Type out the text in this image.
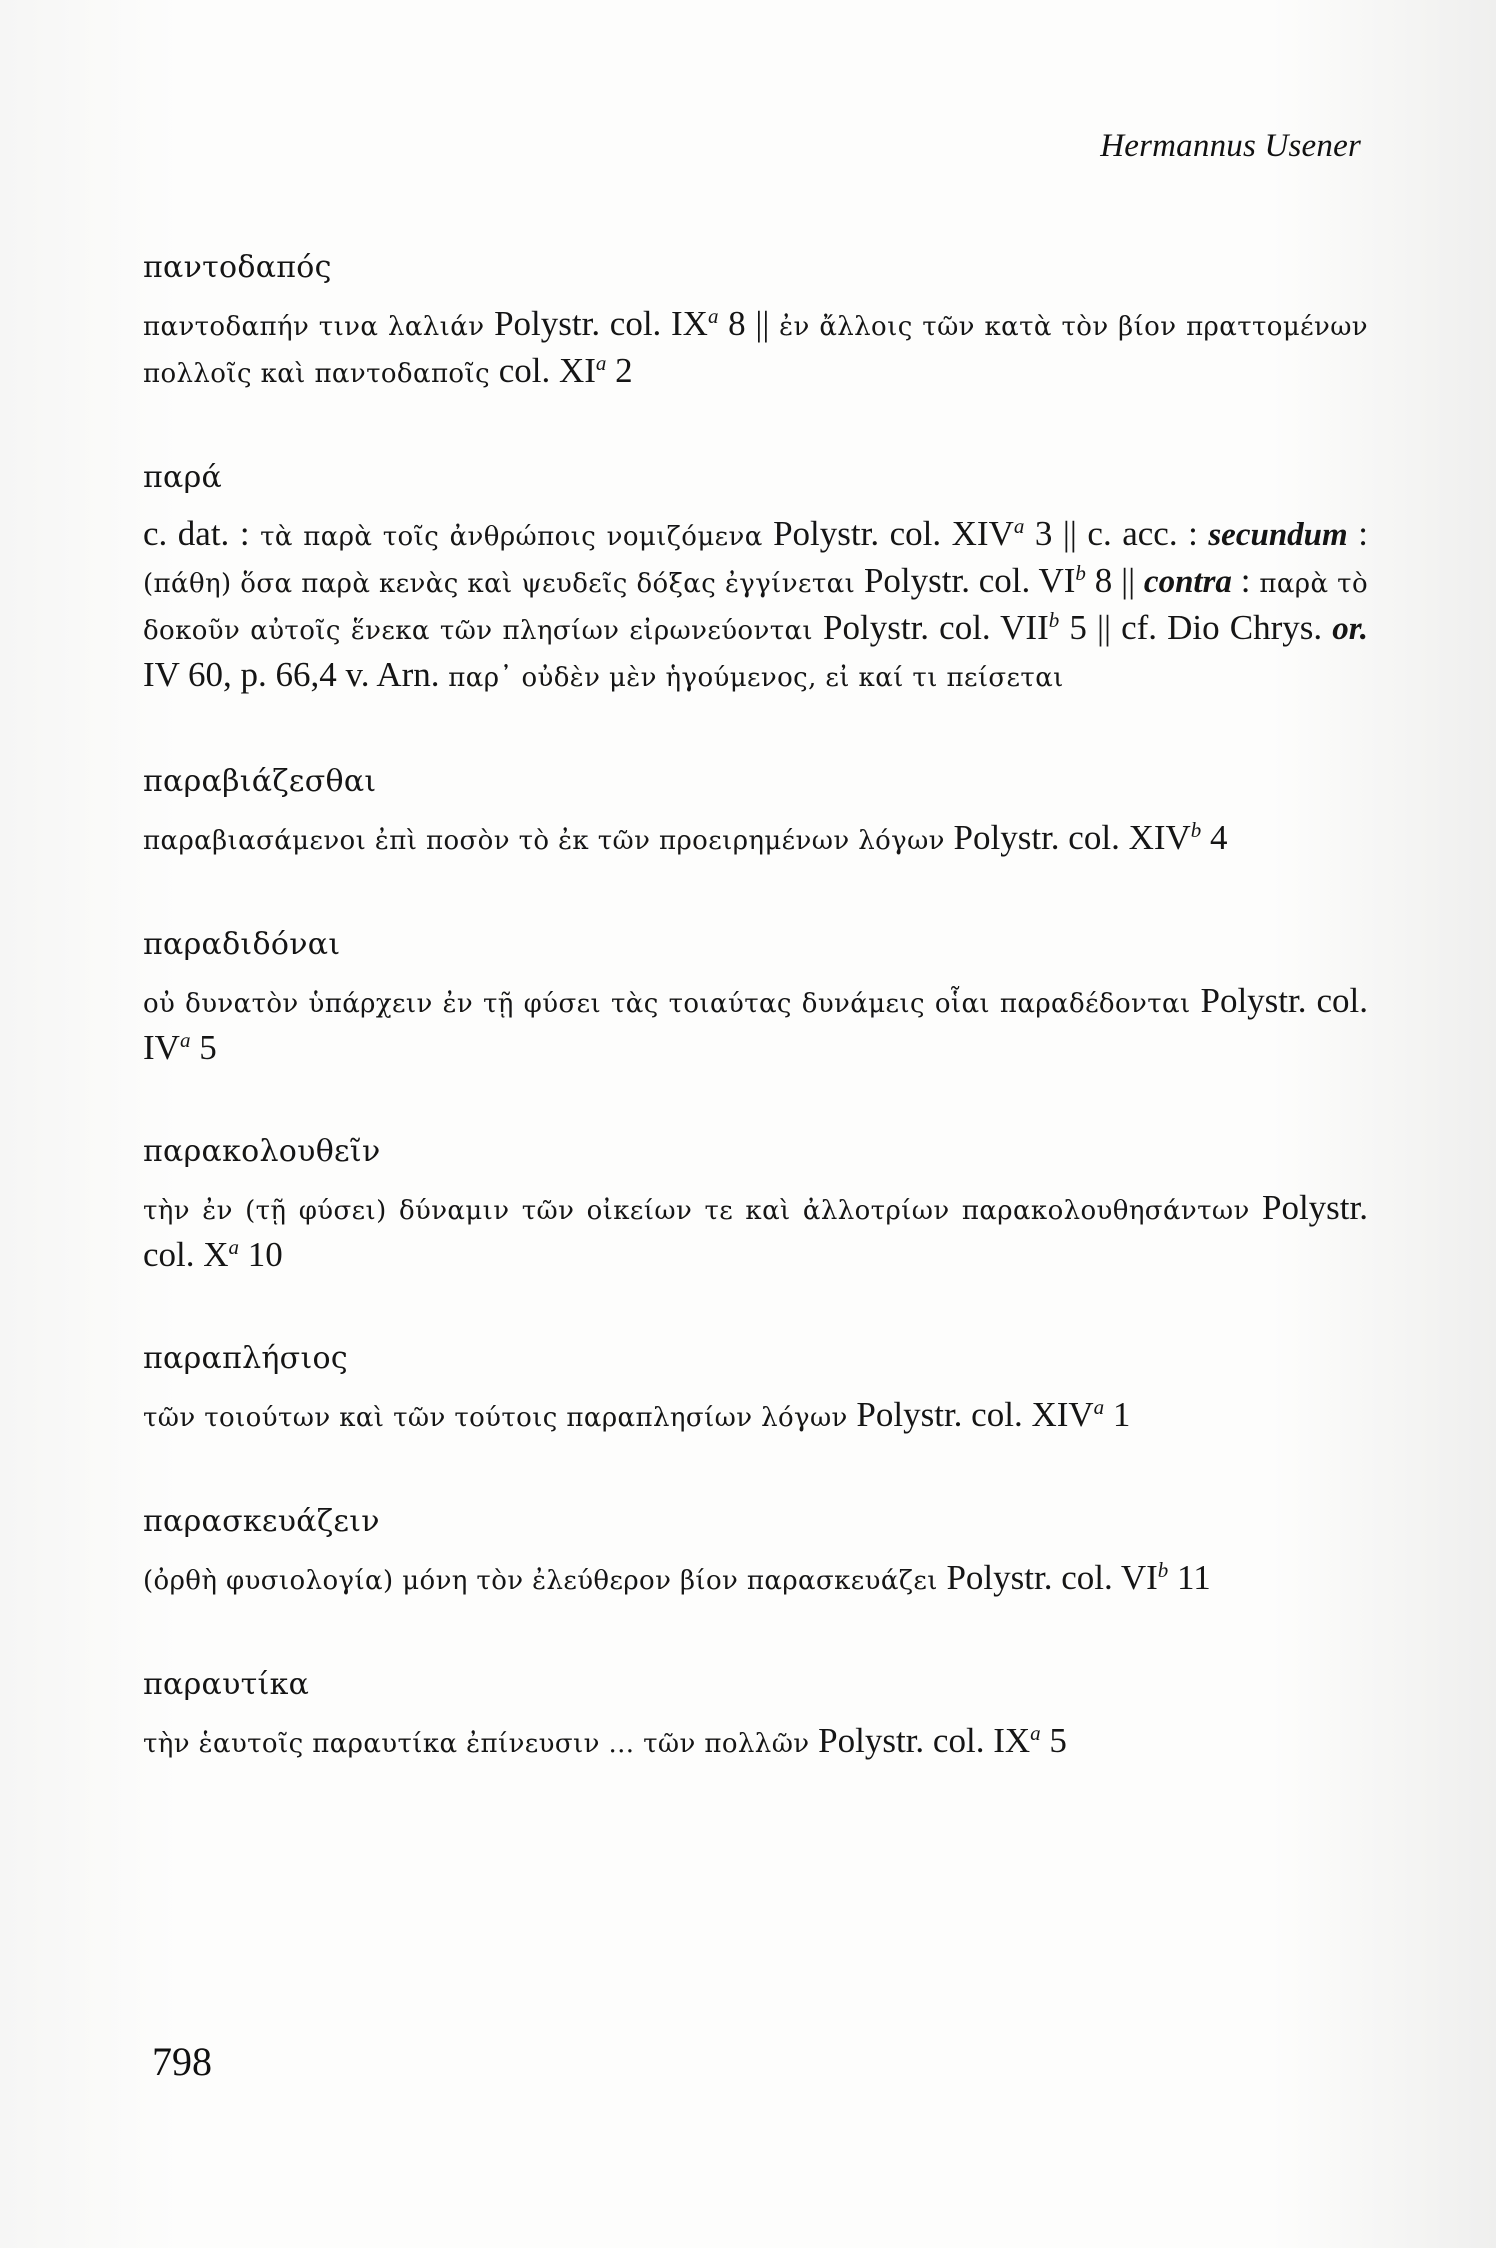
Hermannus Usener
παντοδαπός
παντοδαπήν τινα λαλιάν Polystr. col. $IX^a$ 8 || ἐν ἄλλοις τῶν κατὰ τὸν βίον πραττομένων πολλοῖς καὶ παντοδαποῖς col. $XI^a$ 2
παρά
c. dat. : τὰ παρὰ τοῖς ἀνθρώποις νομιζόμενα Polystr. col. XIV$^a$ 3 || c. acc. : secundum : (πάθη) ὅσα παρὰ κενὰς καὶ ψευδεῖς δόξας ἐγγίνεται Polystr. col. $VI^b$ 8 || contra : παρὰ τὸ δοκοῦν αὐτοῖς ἕνεκα τῶν πλησίων εἰρωνεύονται Polystr. col. VII$^b$ 5 || cf. Dio Chrys. or. IV 60, p. 66,4 v. Arn. παρ᾽ οὐδὲν μὲν ἡγούμενος, εἰ καί τι πείσεται
παραβιάζεσθαι
παραβιασάμενοι ἐπὶ ποσὸν τὸ ἐκ τῶν προειρημένων λόγων Polystr. col. XIV$^b$ 4
παραδιδόναι
οὐ δυνατὸν ὑπάρχειν ἐν τῇ φύσει τὰς τοιαύτας δυνάμεις οἷαι παραδέδονται Polystr. col. $IV^a$ 5
παρακολουθεῖν
τὴν ἐν (τῇ φύσει) δύναμιν τῶν οἰκείων τε καὶ ἀλλοτρίων παρακολουθησάντων Polystr. col. $X^a$ 10
παραπλήσιος
τῶν τοιούτων καὶ τῶν τούτοις παραπλησίων λόγων Polystr. col. XIV$^a$ 1
παρασκευάζειν
(ὀρθὴ φυσιολογία) μόνη τὸν ἐλεύθερον βίον παρασκευάζει Polystr. col. $VI^b$ 11
παραυτίκα
τὴν ἑαυτοῖς παραυτίκα ἐπίνευσιν ... τῶν πολλῶν Polystr. col. $IX^a$ 5
798
